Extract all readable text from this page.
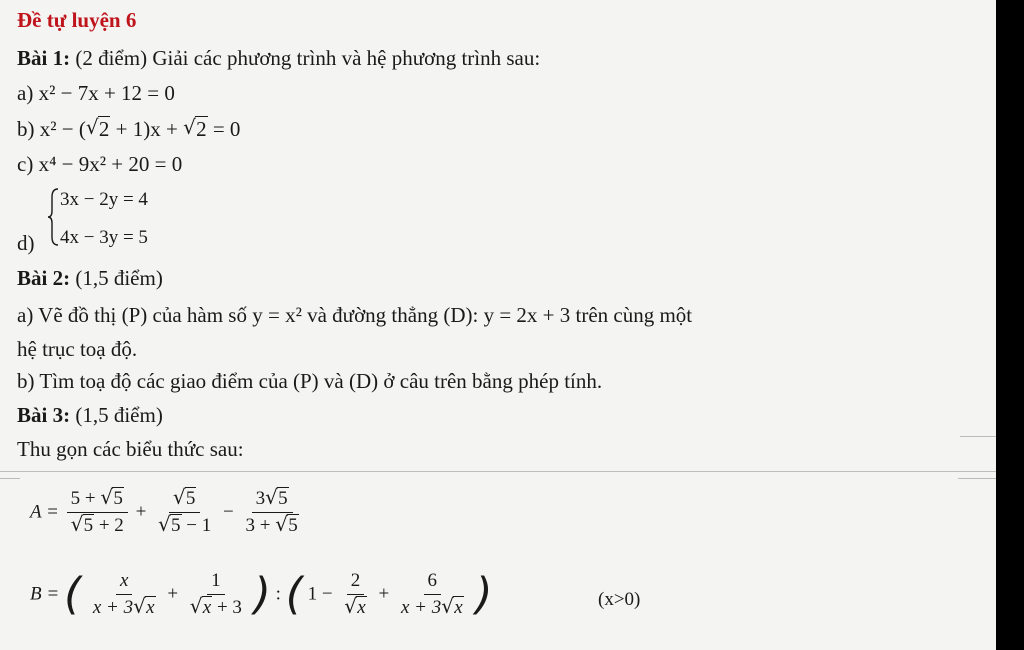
Đề tự luyện 6
Bài 1: (2 điểm) Giải các phương trình và hệ phương trình sau:
a) x² − 7x + 12 = 0
b) x² − ( √ 2 + 1)x + √ 2 = 0
c) x⁴ − 9x² + 20 = 0
3x − 2y = 4
4x − 3y = 5
d)
Bài 2: (1,5 điểm)
a) Vẽ đồ thị (P) của hàm số y = x² và đường thẳng (D): y = 2x + 3 trên cùng một
hệ trục toạ độ.
b) Tìm toạ độ các giao điểm của (P) và (D) ở câu trên bằng phép tính.
Bài 3: (1,5 điểm)
Thu gọn các biểu thức sau:
A = 5 + √ 5
√ 5 + 2 + √ 5
√ $5 - 1 - \frac{3 √ 5}{3 + √ 5}$
B = ( $\frac{x}{x + 3 √ x} + 1$
√ x + 3 ) : ( 1 − 2
√ $x + \frac{6}{x + 3 √ x}$ )	(x>0)
